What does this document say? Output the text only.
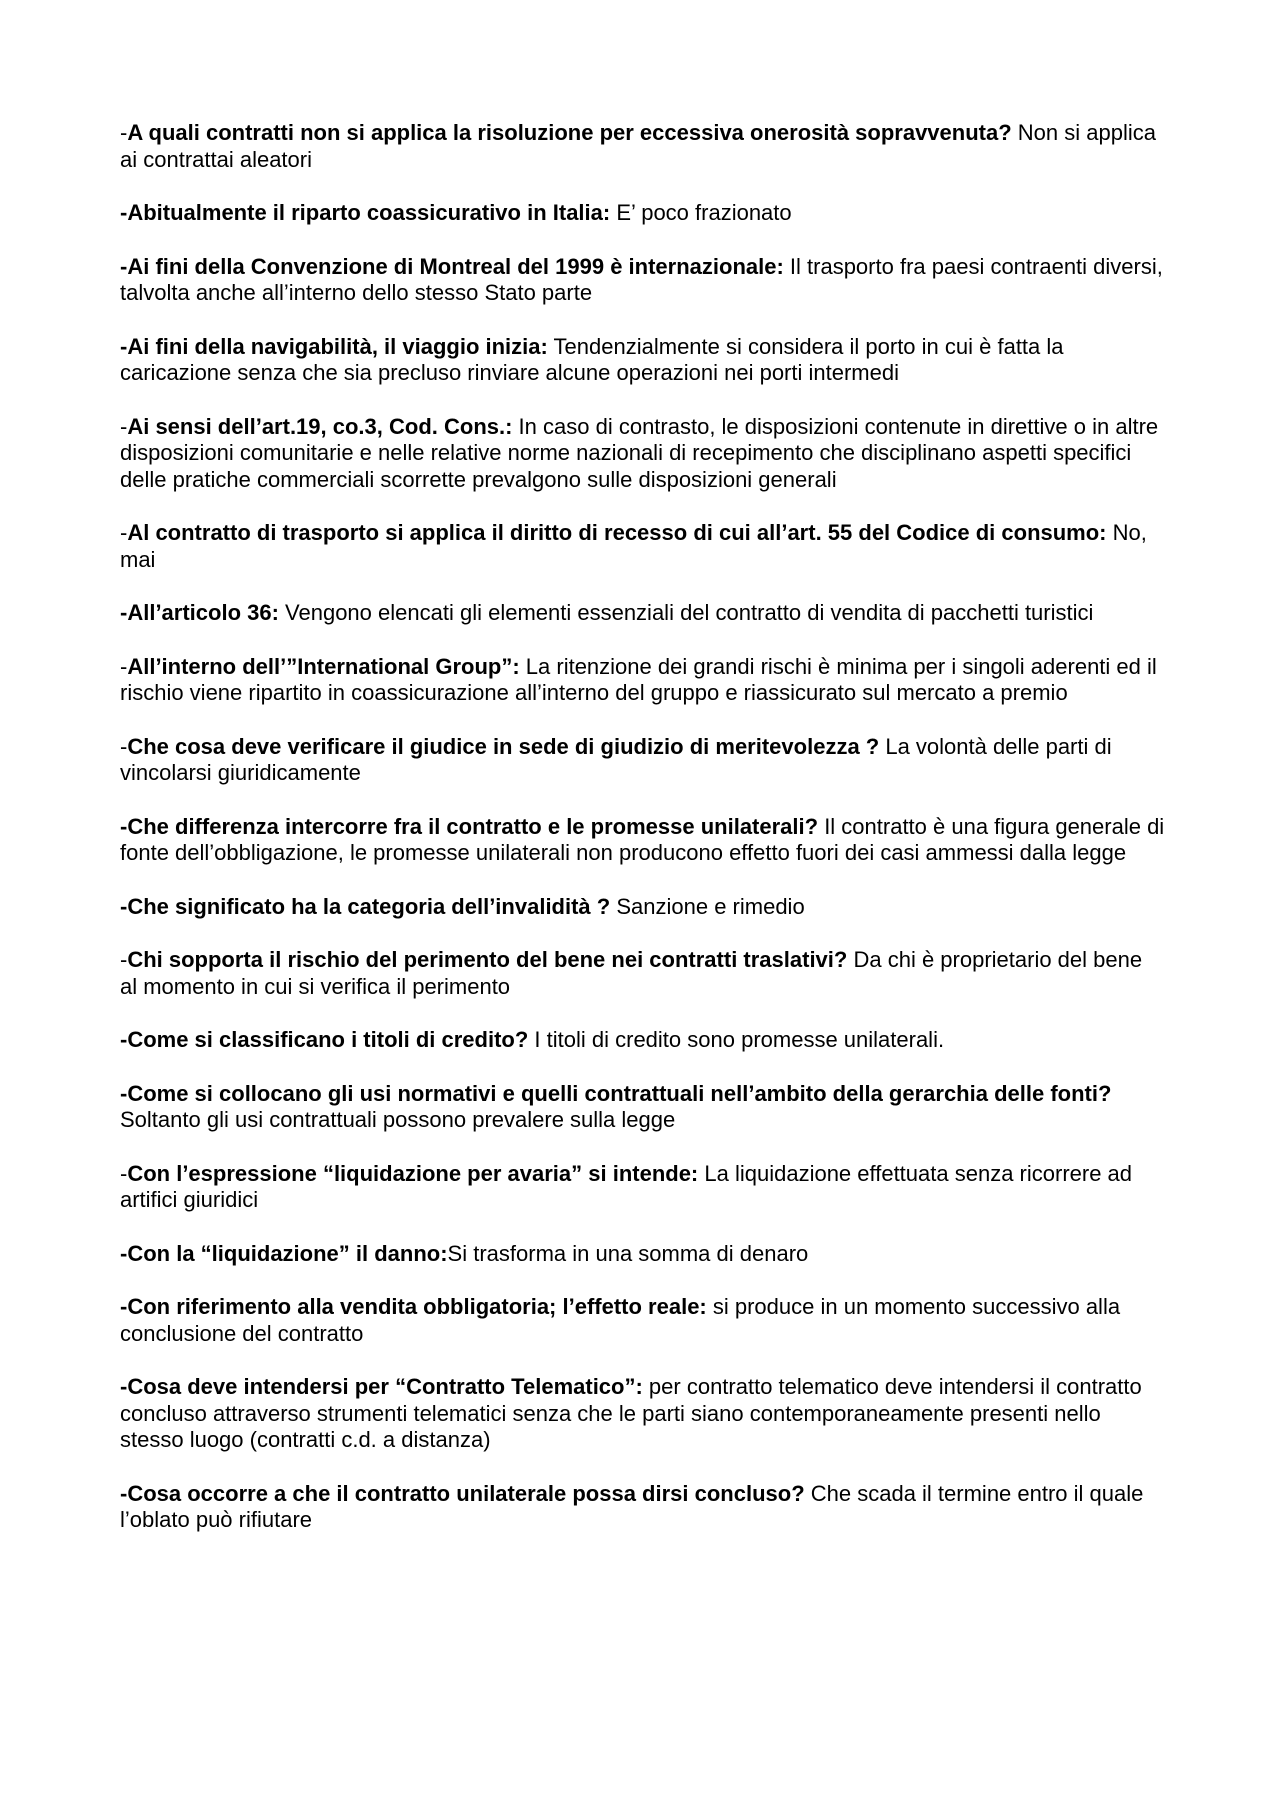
-A quali contratti non si applica la risoluzione per eccessiva onerosità sopravvenuta? Non si applica ai contrattai aleatori

-Abitualmente il riparto coassicurativo in Italia: E’ poco frazionato

-Ai fini della Convenzione di Montreal del 1999 è internazionale: Il trasporto fra paesi contraenti diversi, talvolta anche all’interno dello stesso Stato parte

-Ai fini della navigabilità, il viaggio inizia: Tendenzialmente si considera il porto in cui è fatta la caricazione senza che sia precluso rinviare alcune operazioni nei porti intermedi

-Ai sensi dell’art.19, co.3, Cod. Cons.: In caso di contrasto, le disposizioni contenute in direttive o in altre disposizioni comunitarie e nelle relative norme nazionali di recepimento che disciplinano aspetti specifici delle pratiche commerciali scorrette prevalgono sulle disposizioni generali

-Al contratto di trasporto si applica il diritto di recesso di cui all’art. 55 del Codice di consumo: No, mai

-All’articolo 36: Vengono elencati gli elementi essenziali del contratto di vendita di pacchetti turistici

-All’interno dell’”International Group”: La ritenzione dei grandi rischi è minima per i singoli aderenti ed il rischio viene ripartito in coassicurazione all’interno del gruppo e riassicurato sul mercato a premio

-Che cosa deve verificare il giudice in sede di giudizio di meritevolezza ? La volontà delle parti di vincolarsi giuridicamente

-Che differenza intercorre fra il contratto e le promesse unilaterali? Il contratto è una figura generale di fonte dell’obbligazione, le promesse unilaterali non producono effetto fuori dei casi ammessi dalla legge

-Che significato ha la categoria dell’invalidità ? Sanzione e rimedio

-Chi sopporta il rischio del perimento del bene nei contratti traslativi? Da chi è proprietario del bene al momento in cui si verifica il perimento

-Come si classificano i titoli di credito? I titoli di credito sono promesse unilaterali.

-Come si collocano gli usi normativi e quelli contrattuali nell’ambito della gerarchia delle fonti? Soltanto gli usi contrattuali possono prevalere sulla legge

-Con l’espressione “liquidazione per avaria” si intende: La liquidazione effettuata senza ricorrere ad artifici giuridici

-Con la “liquidazione” il danno:Si trasforma in una somma di denaro

-Con riferimento alla vendita obbligatoria; l’effetto reale: si produce in un momento successivo alla conclusione del contratto

-Cosa deve intendersi per “Contratto Telematico”: per contratto telematico deve intendersi il contratto concluso attraverso strumenti telematici senza che le parti siano contemporaneamente presenti nello stesso luogo (contratti c.d. a distanza)

-Cosa occorre a che il contratto unilaterale possa dirsi concluso? Che scada il termine entro il quale l’oblato può rifiutare
